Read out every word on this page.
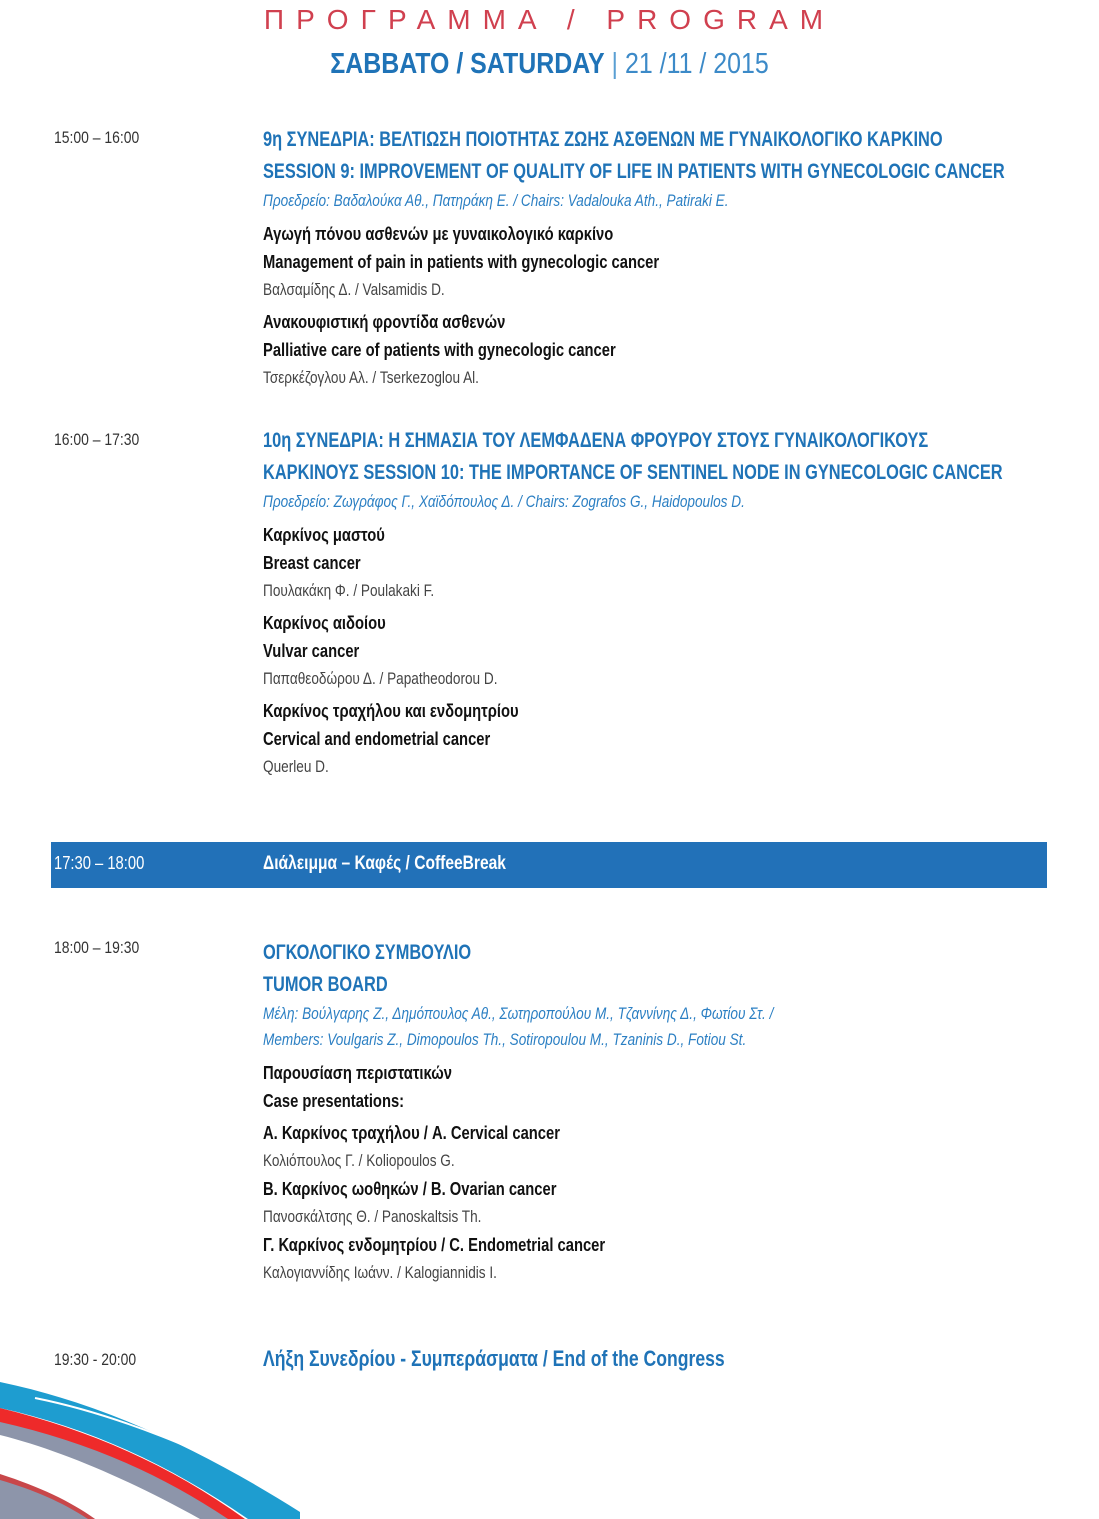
ΠΡΟΓΡΑΜΜΑ / PROGRAM
ΣΑΒΒΑΤΟ / SATURDAY | 21 /11 / 2015
15:00 – 16:00	9η ΣΥΝΕΔΡΙΑ: ΒΕΛΤΙΩΣΗ ΠΟΙΟΤΗΤΑΣ ΖΩΗΣ ΑΣΘΕΝΩΝ ΜΕ ΓΥΝΑΙΚΟΛΟΓΙΚΟ ΚΑΡΚΙΝΟ
SESSION 9: IMPROVEMENT OF QUALITY OF LIFE IN PATIENTS WITH GYNECOLOGIC CANCER
Προεδρείο: Βαδαλούκα Αθ., Πατηράκη Ε. / Chairs: Vadalouka Ath., Patiraki E.
Αγωγή πόνου ασθενών με γυναικολογικό καρκίνο
Management of pain in patients with gynecologic cancer
Βαλσαμίδης Δ. / Valsamidis D.
Ανακουφιστική φροντίδα ασθενών
Palliative care of patients with gynecologic cancer
Τσερκέζογλου Αλ. / Tserkezoglou Al.
16:00 – 17:30	10η ΣΥΝΕΔΡΙΑ: Η ΣΗΜΑΣΙΑ ΤΟΥ ΛΕΜΦΑΔΕΝΑ ΦΡΟΥΡΟΥ ΣΤΟΥΣ ΓΥΝΑΙΚΟΛΟΓΙΚΟΥΣ
ΚΑΡΚΙΝΟΥΣ SESSION 10: THE IMPORTANCE OF SENTINEL NODE IN GYNECOLOGIC CANCER
Προεδρείο: Ζωγράφος Γ., Χαϊδόπουλος Δ. / Chairs: Zografos G., Haidopoulos D.
Καρκίνος μαστού
Breast cancer
Πουλακάκη Φ. / Poulakaki F.
Καρκίνος αιδοίου
Vulvar cancer
Παπαθεοδώρου Δ. / Papatheodorou D.
Καρκίνος τραχήλου και ενδομητρίου
Cervical and endometrial cancer
Querleu D.
17:30 – 18:00	Διάλειμμα – Καφές / CoffeeBreak
18:00 – 19:30	ΟΓΚΟΛΟΓΙΚΟ ΣΥΜΒΟΥΛΙΟ
TUMOR BOARD
Μέλη: Βούλγαρης Ζ., Δημόπουλος Αθ., Σωτηροπούλου Μ., Τζαννίνης Δ., Φωτίου Στ. /
Members: Voulgaris Z., Dimopoulos Th., Sotiropoulou M., Tzaninis D., Fotiou St.
Παρουσίαση περιστατικών
Case presentations:
Α. Καρκίνος τραχήλου / A. Cervical cancer
Κολιόπουλος Γ. / Koliopoulos G.
Β. Καρκίνος ωοθηκών / B. Ovarian cancer
Πανοσκάλτσης Θ. / Panoskaltsis Th.
Γ. Καρκίνος ενδομητρίου / C. Endometrial cancer
Καλογιαννίδης Ιωάνν. / Kalogiannidis I.
19:30 - 20:00	Λήξη Συνεδρίου - Συμπεράσματα / End of the Congress
